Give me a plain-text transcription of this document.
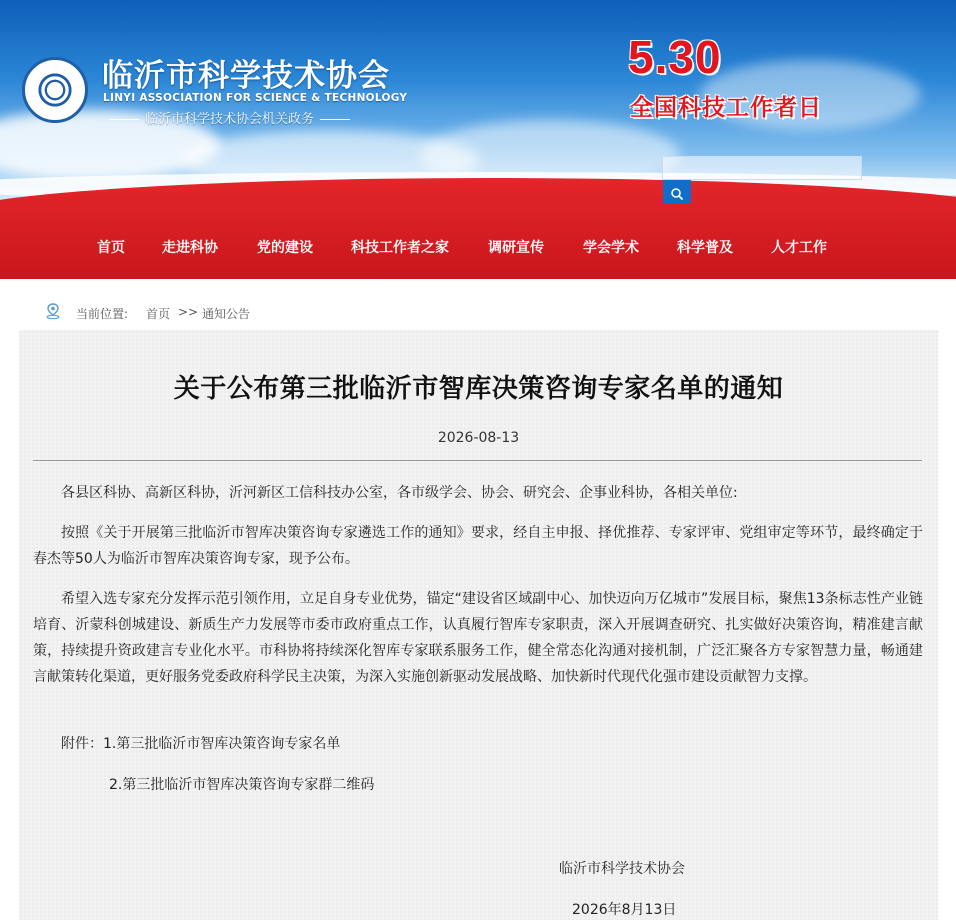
临沂市科学技术协会
LINYI ASSOCIATION FOR SCIENCE & TECHNOLOGY
临沂市科学技术协会机关政务
5.30
全国科技工作者日
首页	走进科协	党的建设	科技工作者之家	调研宣传	学会学术	科学普及	人才工作
当前位置: 首页 >> 通知公告
关于公布第三批临沂市智库决策咨询专家名单的通知
2026-08-13

各县区科协、高新区科协，沂河新区工信科技办公室，各市级学会、协会、研究会、企事业科协，各相关单位:

按照《关于开展第三批临沂市智库决策咨询专家遴选工作的通知》要求，经自主申报、择优推荐、专家评审、党组审定等环节，最终确定于春杰等50人为临沂市智库决策咨询专家，现予公布。

希望入选专家充分发挥示范引领作用，立足自身专业优势，锚定“建设省区域副中心、加快迈向万亿城市”发展目标，聚焦13条标志性产业链培育、沂蒙科创城建设、新质生产力发展等市委市政府重点工作，认真履行智库专家职责，深入开展调查研究、扎实做好决策咨询，精准建言献策，持续提升资政建言专业化水平。市科协将持续深化智库专家联系服务工作，健全常态化沟通对接机制，广泛汇聚各方专家智慧力量，畅通建言献策转化渠道，更好服务党委政府科学民主决策，为深入实施创新驱动发展战略、加快新时代现代化强市建设贡献智力支撑。

附件：1.第三批临沂市智库决策咨询专家名单

2.第三批临沂市智库决策咨询专家群二维码
临沂市科学技术协会
2026年8月13日
